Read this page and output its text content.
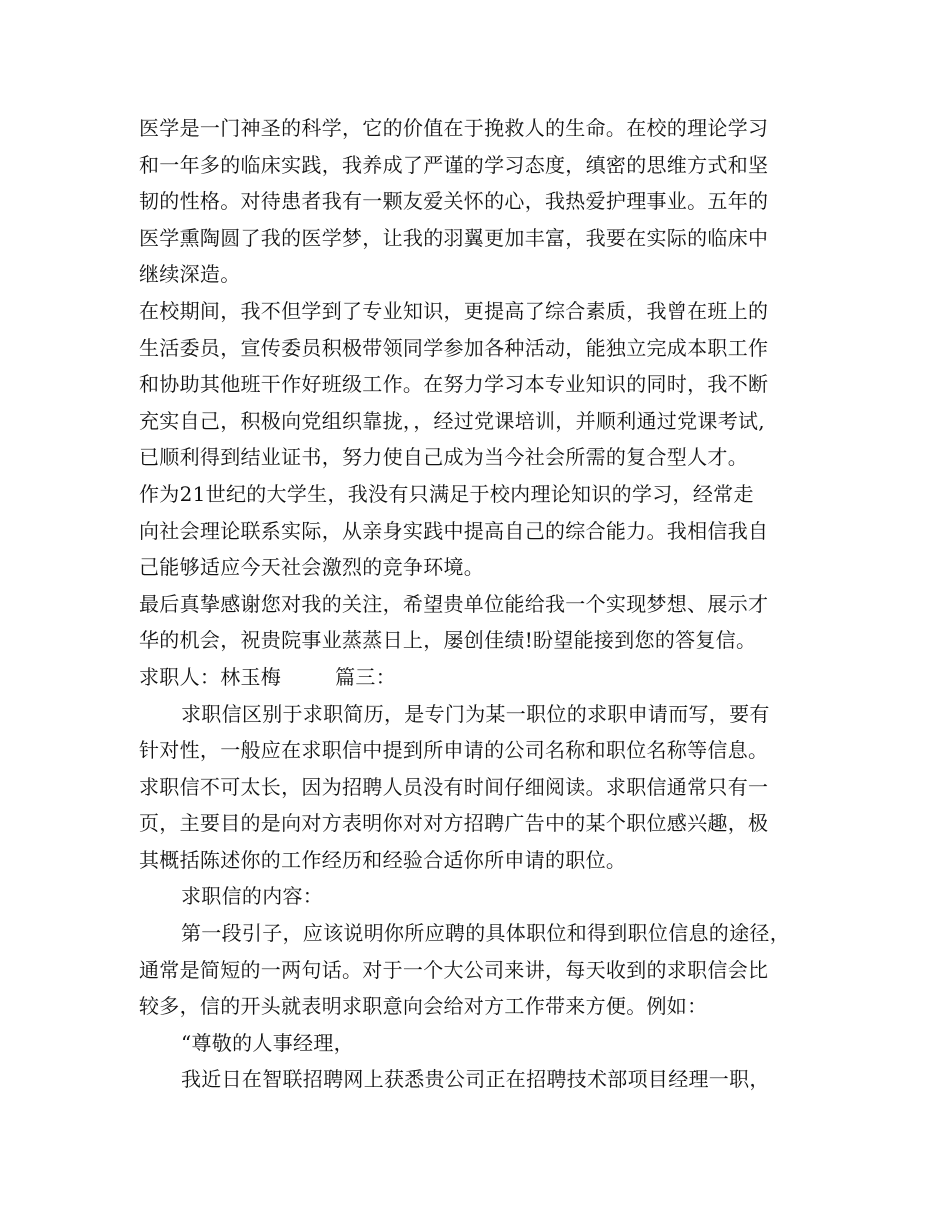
医学是一门神圣的科学，它的价值在于挽救人的生命。在校的理论学习
和一年多的临床实践，我养成了严谨的学习态度，缜密的思维方式和坚
韧的性格。对待患者我有一颗友爱关怀的心，我热爱护理事业。五年的
医学熏陶圆了我的医学梦，让我的羽翼更加丰富，我要在实际的临床中
继续深造。
在校期间，我不但学到了专业知识，更提高了综合素质，我曾在班上的
生活委员，宣传委员积极带领同学参加各种活动，能独立完成本职工作
和协助其他班干作好班级工作。在努力学习本专业知识的同时，我不断
充实自己，积极向党组织靠拢，，经过党课培训，并顺利通过党课考试,
已顺利得到结业证书，努力使自己成为当今社会所需的复合型人才。
作为21世纪的大学生，我没有只满足于校内理论知识的学习，经常走
向社会理论联系实际，从亲身实践中提高自己的综合能力。我相信我自
己能够适应今天社会激烈的竞争环境。
最后真挚感谢您对我的关注，希望贵单位能给我一个实现梦想、展示才
华的机会，祝贵院事业蒸蒸日上，屡创佳绩!盼望能接到您的答复信。
求职人：林玉梅	篇三：
求职信区别于求职简历，是专门为某一职位的求职申请而写，要有
针对性，一般应在求职信中提到所申请的公司名称和职位名称等信息。
求职信不可太长，因为招聘人员没有时间仔细阅读。求职信通常只有一
页，主要目的是向对方表明你对对方招聘广告中的某个职位感兴趣，极
其概括陈述你的工作经历和经验合适你所申请的职位。
求职信的内容：
第一段引子，应该说明你所应聘的具体职位和得到职位信息的途径，
通常是简短的一两句话。对于一个大公司来讲，每天收到的求职信会比
较多，信的开头就表明求职意向会给对方工作带来方便。例如：
“尊敬的人事经理，
我近日在智联招聘网上获悉贵公司正在招聘技术部项目经理一职，
